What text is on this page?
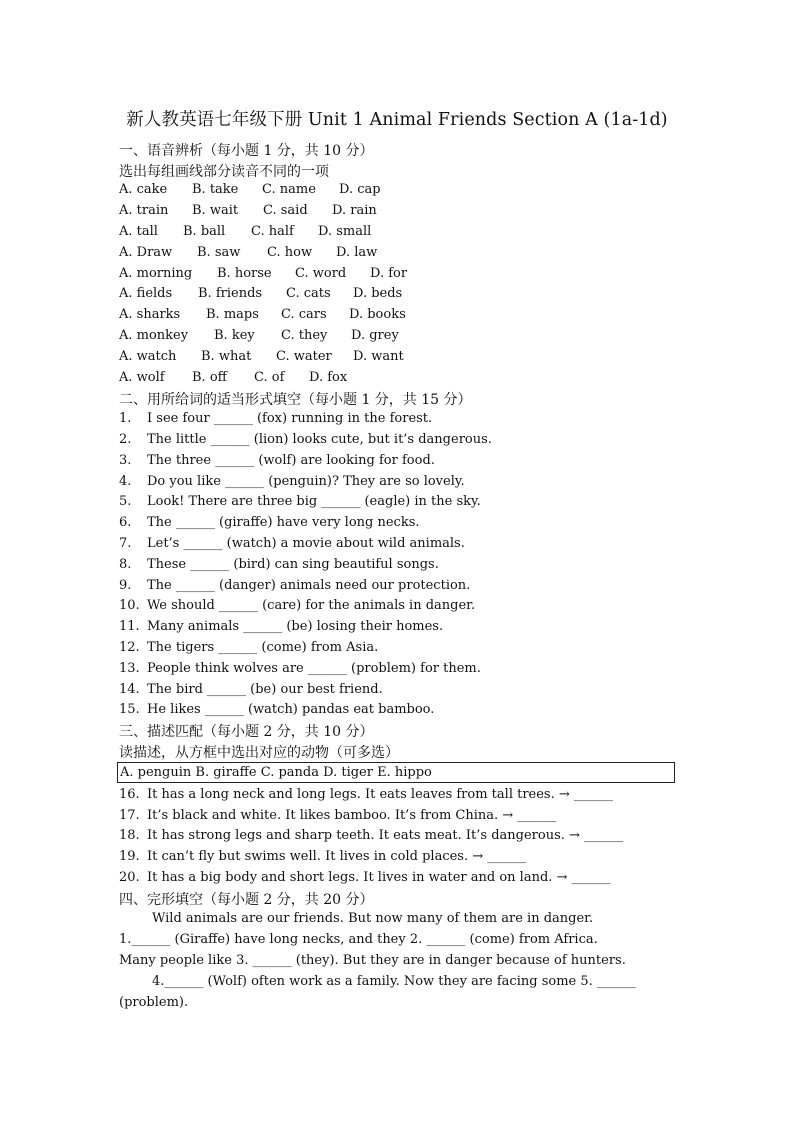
新人教英语七年级下册 Unit 1 Animal Friends Section A (1a-1d)
一、语音辨析（每小题 1 分，共 10 分）
选出每组画线部分读音不同的一项
A. cake B. take C. name D. cap
A. train B. wait C. said D. rain
A. tall B. ball C. half D. small
A. Draw B. saw C. how D. law
A. morning B. horse C. word D. for
A. fields B. friends C. cats D. beds
A. sharks B. maps C. cars D. books
A. monkey B. key C. they D. grey
A. watch B. what C. water D. want
A. wolf B. off C. of D. fox
二、用所给词的适当形式填空（每小题 1 分，共 15 分）
1. I see four ______ (fox) running in the forest.
2. The little ______ (lion) looks cute, but it’s dangerous.
3. The three ______ (wolf) are looking for food.
4. Do you like ______ (penguin)? They are so lovely.
5. Look! There are three big ______ (eagle) in the sky.
6. The ______ (giraffe) have very long necks.
7. Let’s ______ (watch) a movie about wild animals.
8. These ______ (bird) can sing beautiful songs.
9. The ______ (danger) animals need our protection.
10. We should ______ (care) for the animals in danger.
11. Many animals ______ (be) losing their homes.
12. The tigers ______ (come) from Asia.
13. People think wolves are ______ (problem) for them.
14. The bird ______ (be) our best friend.
15. He likes ______ (watch) pandas eat bamboo.
三、描述匹配（每小题 2 分，共 10 分）
读描述，从方框中选出对应的动物（可多选）
A. penguin B. giraffe C. panda D. tiger E. hippo
16. It has a long neck and long legs. It eats leaves from tall trees. → ______
17. It’s black and white. It likes bamboo. It’s from China. → ______
18. It has strong legs and sharp teeth. It eats meat. It’s dangerous. → ______
19. It can’t fly but swims well. It lives in cold places. → ______
20. It has a big body and short legs. It lives in water and on land. → ______
四、完形填空（每小题 2 分，共 20 分）
Wild animals are our friends. But now many of them are in danger.
1.______ (Giraffe) have long necks, and they 2. ______ (come) from Africa.
Many people like 3. ______ (they). But they are in danger because of hunters.
4.______ (Wolf) often work as a family. Now they are facing some 5. ______
(problem).
